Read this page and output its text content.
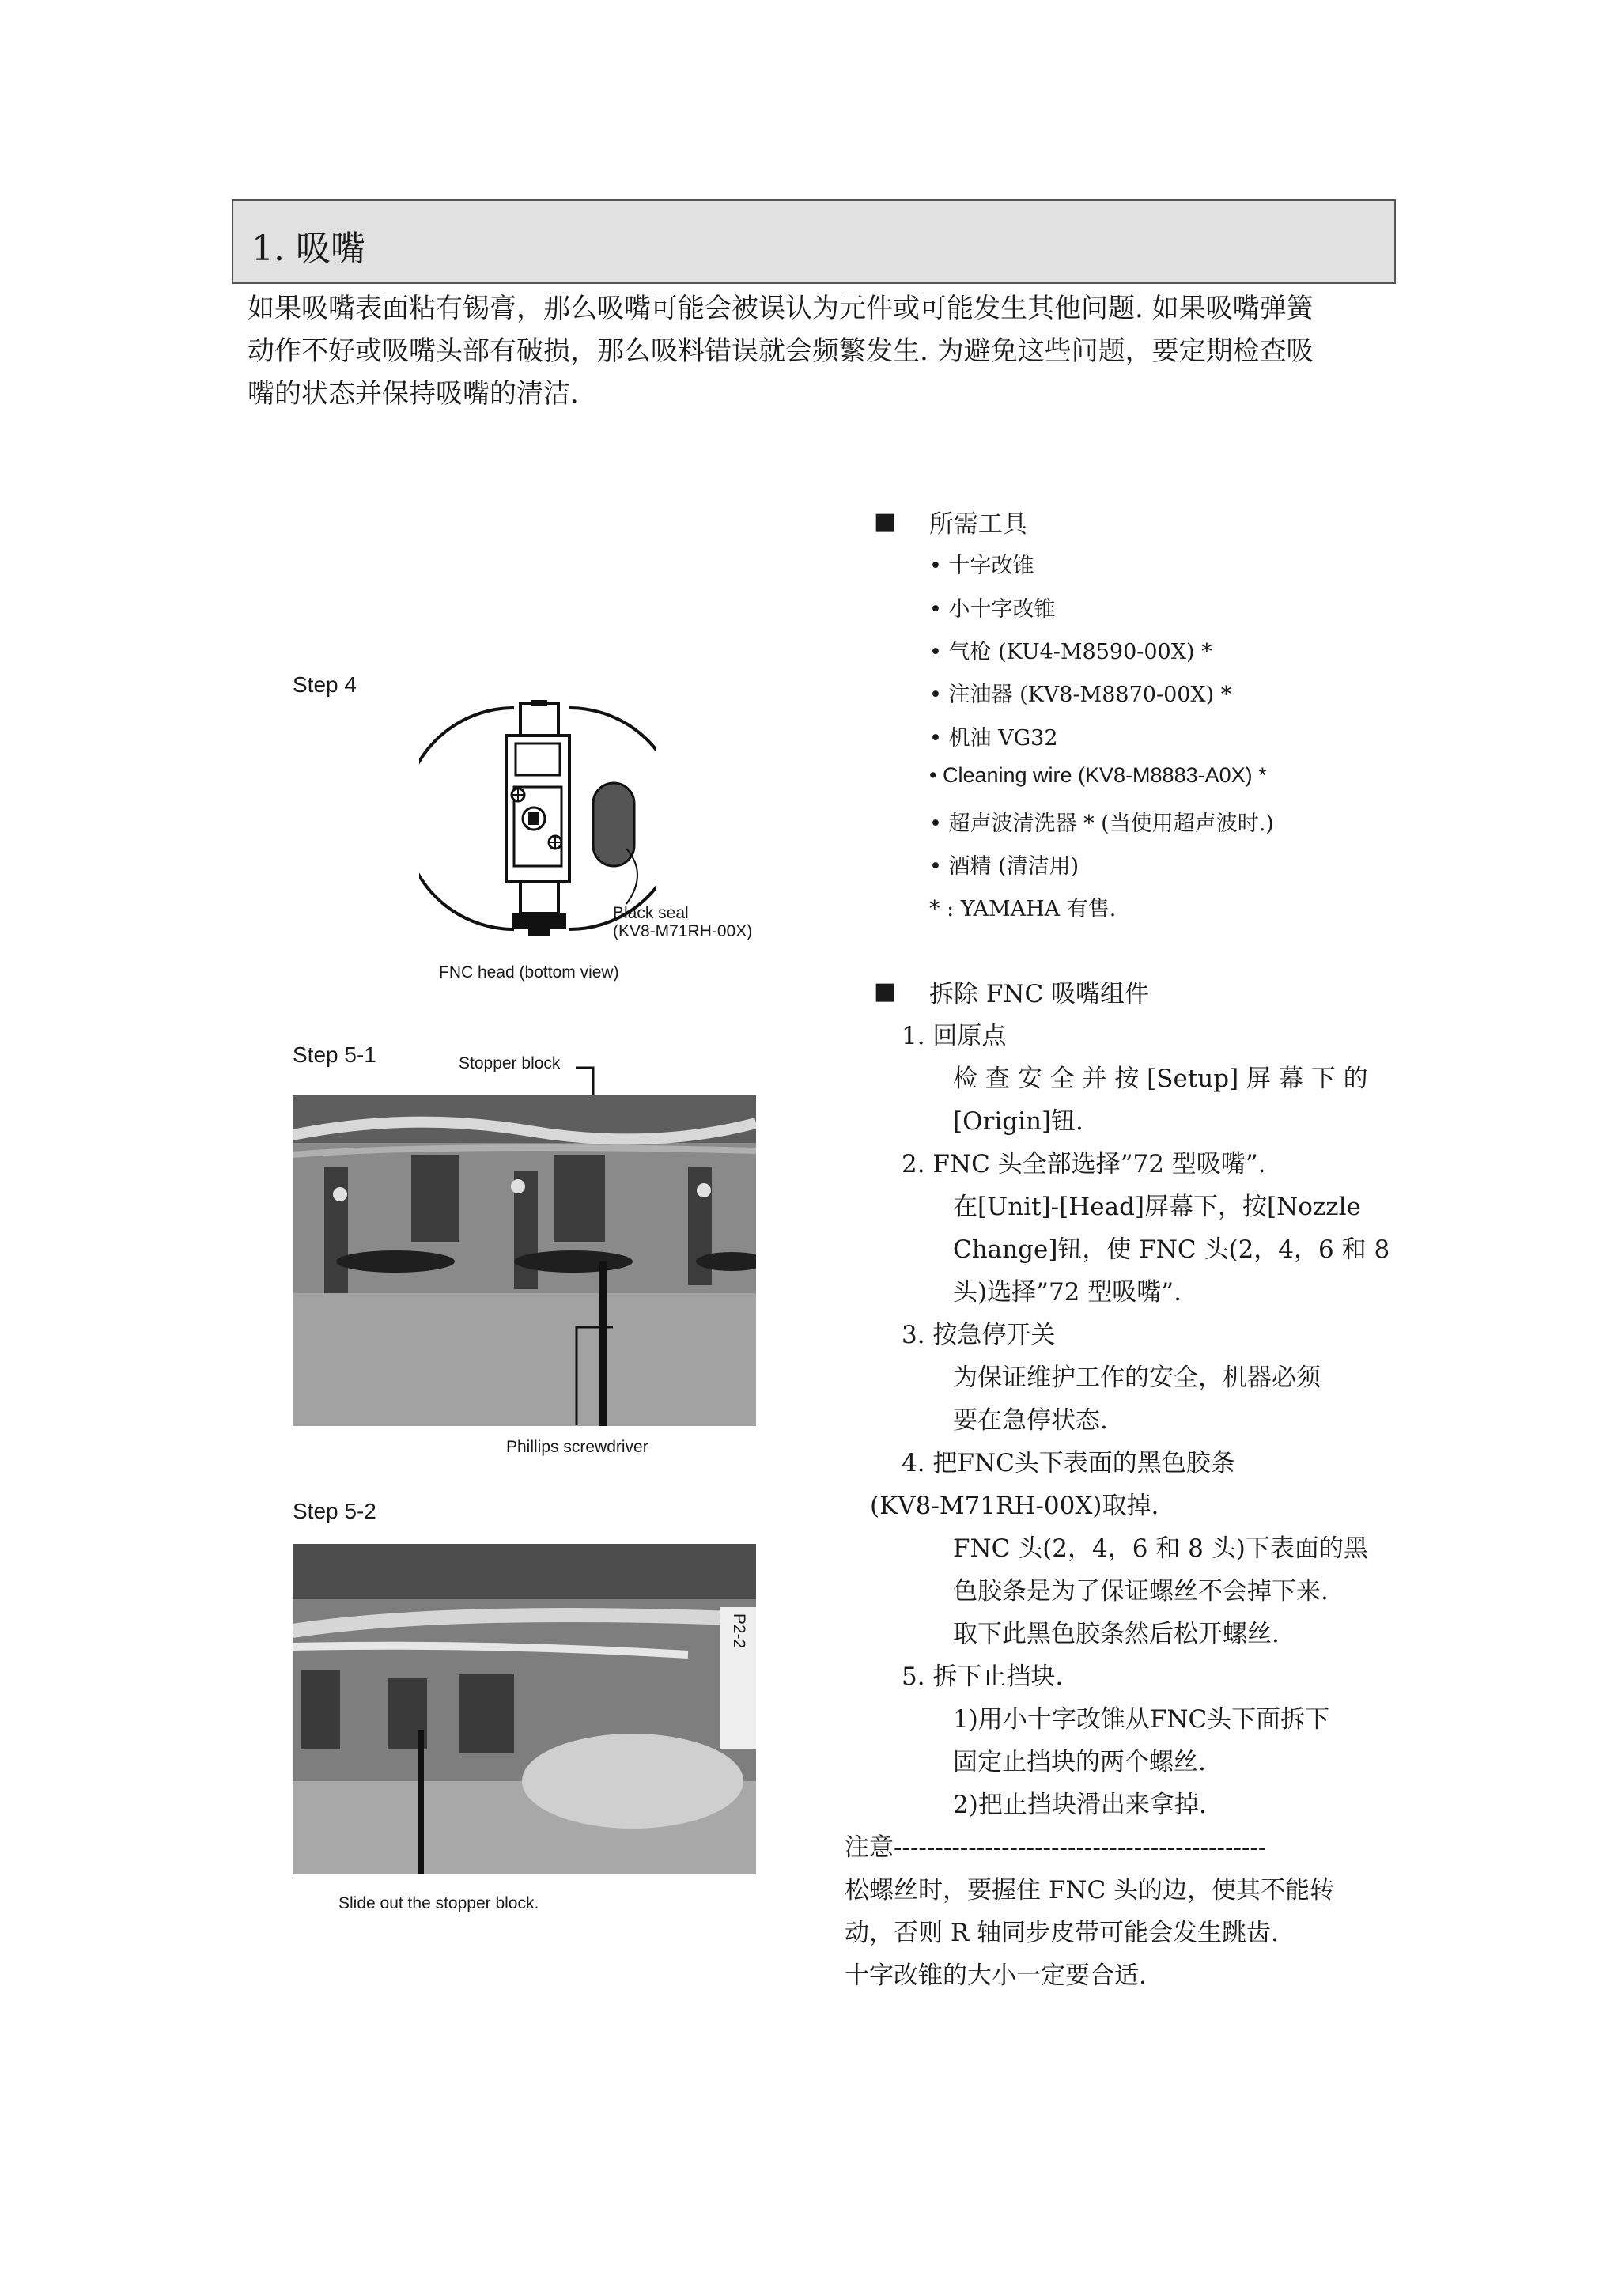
1. 吸嘴
如果吸嘴表面粘有锡膏，那么吸嘴可能会被误认为元件或可能发生其他问题. 如果吸嘴弹簧
动作不好或吸嘴头部有破损，那么吸料错误就会频繁发生. 为避免这些问题，要定期检查吸
嘴的状态并保持吸嘴的清洁.
Step 4
Black seal
(KV8-M71RH-00X)
FNC head (bottom view)
Step 5-1	Stopper block
Phillips screwdriver
Step 5-2
P2-2
Slide out the stopper block.
■ 所需工具
• 十字改锥
• 小十字改锥
• 气枪 (KU4-M8590-00X) *
• 注油器 (KV8-M8870-00X) *
• 机油 VG32
• Cleaning wire (KV8-M8883-A0X) *
• 超声波清洗器 * (当使用超声波时.)
• 酒精 (清洁用)
* : YAMAHA 有售.
■ 拆除 FNC 吸嘴组件
1. 回原点
检 查 安 全 并 按 [Setup] 屏 幕 下 的
[Origin]钮.
2. FNC 头全部选择”72 型吸嘴”.
在[Unit]-[Head]屏幕下，按[Nozzle
Change]钮，使 FNC 头(2，4，6 和 8
头)选择”72 型吸嘴”.
3. 按急停开关
为保证维护工作的安全，机器必须
要在急停状态.
4. 把FNC头下表面的黑色胶条
(KV8-M71RH-00X)取掉.
FNC 头(2，4，6 和 8 头)下表面的黑
色胶条是为了保证螺丝不会掉下来.
取下此黑色胶条然后松开螺丝.
5. 拆下止挡块.
1)用小十字改锥从FNC头下面拆下
固定止挡块的两个螺丝.
2)把止挡块滑出来拿掉.
注意---------------------------------------------
松螺丝时，要握住 FNC 头的边，使其不能转
动，否则 R 轴同步皮带可能会发生跳齿.
十字改锥的大小一定要合适.
